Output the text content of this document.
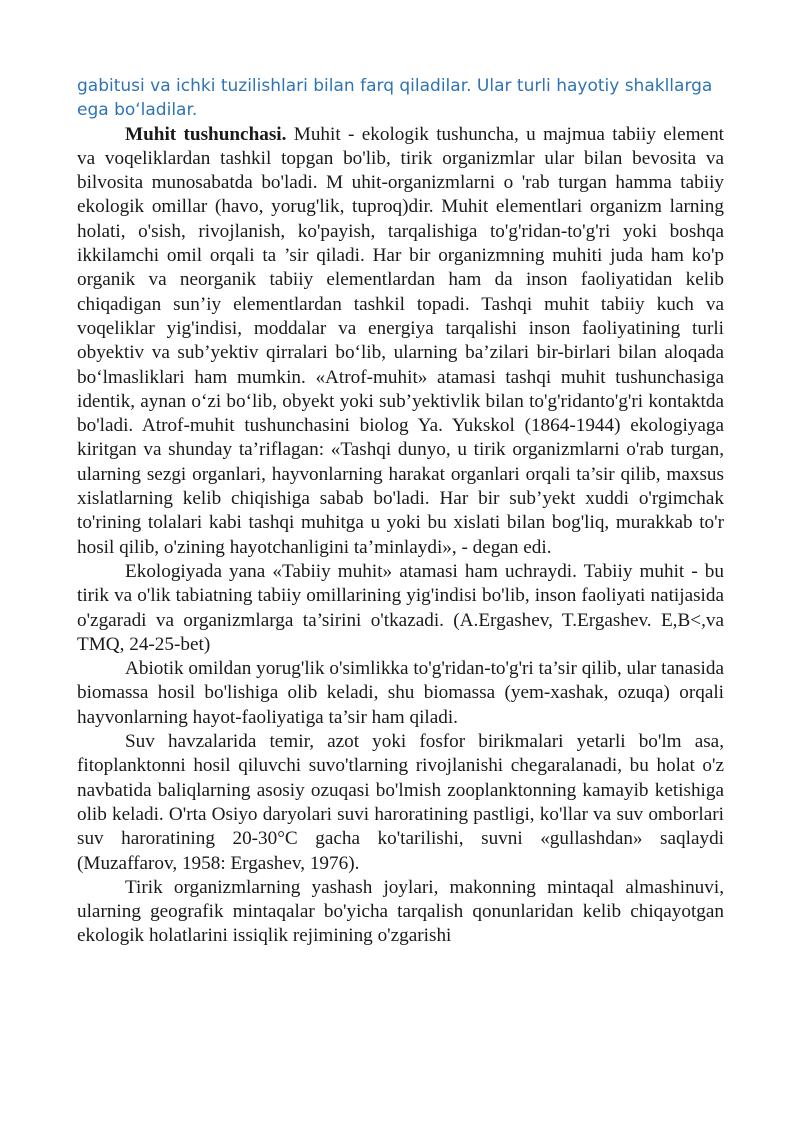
gabitusi va ichki tuzilishlari bilan farq qiladilar. Ular turli hayotiy shakllarga ega bo‘ladilar.

Muhit tushunchasi. Muhit - ekologik tushuncha, u majmua tabiiy element va voqeliklardan tashkil topgan bo'lib, tirik organizmlar ular bilan bevosita va bilvosita munosabatda bo'ladi. M uhit-organizmlarni o 'rab turgan hamma tabiiy ekologik omillar (havo, yorug'lik, tuproq)dir. Muhit elementlari organizm larning holati, o'sish, rivojlanish, ko'payish, tarqalishiga to'g'ridan-to'g'ri yoki boshqa ikkilamchi omil orqali ta ’sir qiladi. Har bir organizmning muhiti juda ham ko'p organik va neorganik tabiiy elementlardan ham da inson faoliyatidan kelib chiqadigan sun’iy elementlardan tashkil topadi. Tashqi muhit tabiiy kuch va voqeliklar yig'indisi, moddalar va energiya tarqalishi inson faoliyatining turli obyektiv va sub’yektiv qirralari bo‘lib, ularning ba’zilari bir-birlari bilan aloqada bo‘lmasliklari ham mumkin. «Atrof-muhit» atamasi tashqi muhit tushunchasiga identik, aynan o‘zi bo‘lib, obyekt yoki sub’yektivlik bilan to'g'ridanto'g'ri kontaktda bo'ladi. Atrof-muhit tushunchasini biolog Ya. Yukskol (1864-1944) ekologiyaga kiritgan va shunday ta’riflagan: «Tashqi dunyo, u tirik organizmlarni o'rab turgan, ularning sezgi organlari, hayvonlarning harakat organlari orqali ta’sir qilib, maxsus xislatlarning kelib chiqishiga sabab bo'ladi. Har bir sub’yekt xuddi o'rgimchak to'rining tolalari kabi tashqi muhitga u yoki bu xislati bilan bog'liq, murakkab to'r hosil qilib, o'zining hayotchanligini ta’minlaydi», - degan edi.

Ekologiyada yana «Tabiiy muhit» atamasi ham uchraydi. Tabiiy muhit - bu tirik va o'lik tabiatning tabiiy omillarining yig'indisi bo'lib, inson faoliyati natijasida o'zgaradi va organizmlarga ta’sirini o'tkazadi. (A.Ergashev, T.Ergashev. E,B<,va TMQ, 24-25-bet)

Abiotik omildan yorug'lik o'simlikka to'g'ridan-to'g'ri ta’sir qilib, ular tanasida biomassa hosil bo'lishiga olib keladi, shu biomassa (yem-xashak, ozuqa) orqali hayvonlarning hayot-faoliyatiga ta’sir ham qiladi.

Suv havzalarida temir, azot yoki fosfor birikmalari yetarli bo'lm asa, fitoplanktonni hosil qiluvchi suvo'tlarning rivojlanishi chegaralanadi, bu holat o'z navbatida baliqlarning asosiy ozuqasi bo'lmish zooplanktonning kamayib ketishiga olib keladi. O'rta Osiyo daryolari suvi haroratining pastligi, ko'llar va suv omborlari suv haroratining 20-30°C gacha ko'tarilishi, suvni «gullashdan» saqlaydi (Muzaffarov, 1958: Ergashev, 1976).

Tirik organizmlarning yashash joylari, makonning mintaqal almashinuvi, ularning geografik mintaqalar bo'yicha tarqalish qonunlaridan kelib chiqayotgan ekologik holatlarini issiqlik rejimining o'zgarishi
